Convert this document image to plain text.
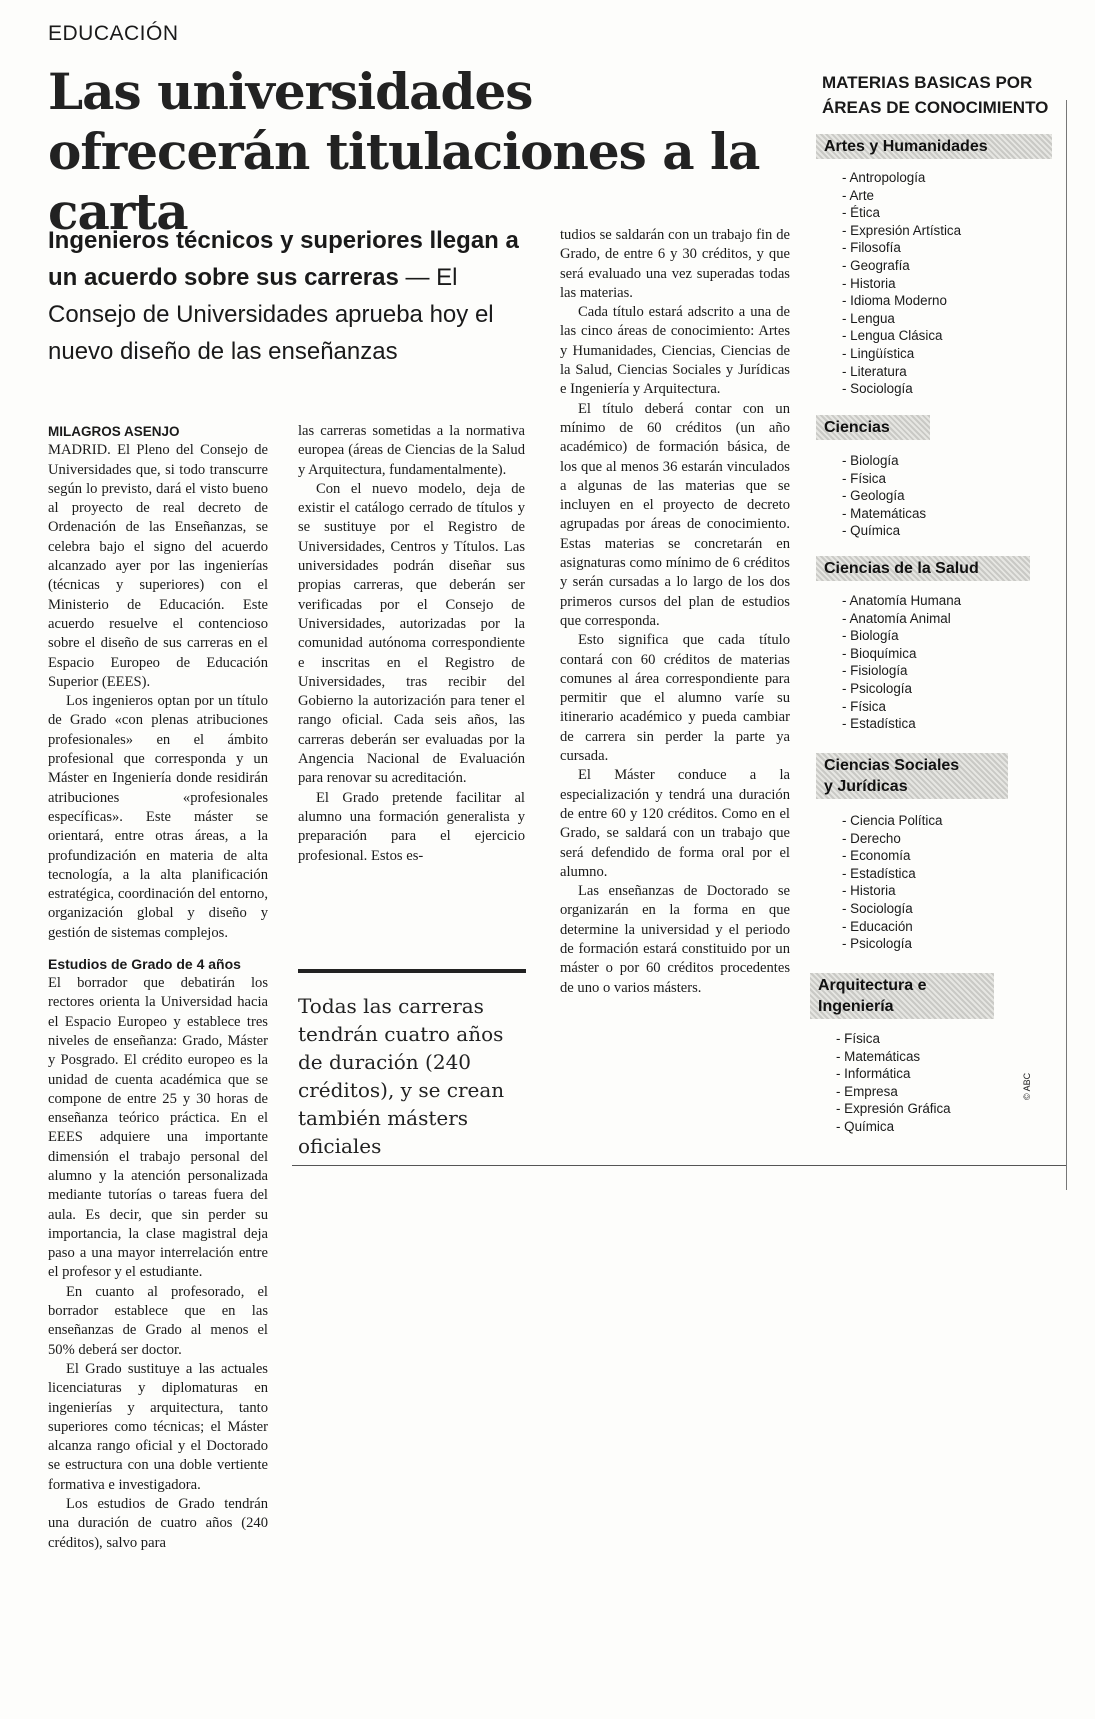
EDUCACIÓN
Las universidades ofrecerán titulaciones a la carta
Ingenieros técnicos y superiores llegan a un acuerdo sobre sus carreras — El Consejo de Universidades aprueba hoy el nuevo diseño de las enseñanzas
MILAGROS ASENJO

MADRID. El Pleno del Consejo de Universidades que, si todo transcurre según lo previsto, dará el visto bueno al proyecto de real decreto de Ordenación de las Enseñanzas, se celebra bajo el signo del acuerdo alcanzado ayer por las ingenierías (técnicas y superiores) con el Ministerio de Educación. Este acuerdo resuelve el contencioso sobre el diseño de sus carreras en el Espacio Europeo de Educación Superior (EEES).

Los ingenieros optan por un título de Grado «con plenas atribuciones profesionales» en el ámbito profesional que corresponda y un Máster en Ingeniería donde residirán atribuciones «profesionales específicas». Este máster se orientará, entre otras áreas, a la profundización en materia de alta tecnología, a la alta planificación estratégica, coordinación del entorno, organización global y diseño y gestión de sistemas complejos.

Estudios de Grado de 4 años

El borrador que debatirán los rectores orienta la Universidad hacia el Espacio Europeo y establece tres niveles de enseñanza: Grado, Máster y Posgrado. El crédito europeo es la unidad de cuenta académica que se compone de entre 25 y 30 horas de enseñanza teórico práctica. En el EEES adquiere una importante dimensión el trabajo personal del alumno y la atención personalizada mediante tutorías o tareas fuera del aula. Es decir, que sin perder su importancia, la clase magistral deja paso a una mayor interrelación entre el profesor y el estudiante.

En cuanto al profesorado, el borrador establece que en las enseñanzas de Grado al menos el 50% deberá ser doctor.

El Grado sustituye a las actuales licenciaturas y diplomaturas en ingenierías y arquitectura, tanto superiores como técnicas; el Máster alcanza rango oficial y el Doctorado se estructura con una doble vertiente formativa e investigadora.

Los estudios de Grado tendrán una duración de cuatro años (240 créditos), salvo para

las carreras sometidas a la normativa europea (áreas de Ciencias de la Salud y Arquitectura, fundamentalmente).

Con el nuevo modelo, deja de existir el catálogo cerrado de títulos y se sustituye por el Registro de Universidades, Centros y Títulos. Las universidades podrán diseñar sus propias carreras, que deberán ser verificadas por el Consejo de Universidades, autorizadas por la comunidad autónoma correspondiente e inscritas en el Registro de Universidades, tras recibir del Gobierno la autorización para tener el rango oficial. Cada seis años, las carreras deberán ser evaluadas por la Angencia Nacional de Evaluación para renovar su acreditación.

El Grado pretende facilitar al alumno una formación generalista y preparación para el ejercicio profesional. Estos es-

Todas las carreras tendrán cuatro años de duración (240 créditos), y se crean también másters oficiales

tudios se saldarán con un trabajo fin de Grado, de entre 6 y 30 créditos, y que será evaluado una vez superadas todas las materias.

Cada título estará adscrito a una de las cinco áreas de conocimiento: Artes y Humanidades, Ciencias, Ciencias de la Salud, Ciencias Sociales y Jurídicas e Ingeniería y Arquitectura.

El título deberá contar con un mínimo de 60 créditos (un año académico) de formación básica, de los que al menos 36 estarán vinculados a algunas de las materias que se incluyen en el proyecto de decreto agrupadas por áreas de conocimiento. Estas materias se concretarán en asignaturas como mínimo de 6 créditos y serán cursadas a lo largo de los dos primeros cursos del plan de estudios que corresponda.

Esto significa que cada título contará con 60 créditos de materias comunes al área correspondiente para permitir que el alumno varíe su itinerario académico y pueda cambiar de carrera sin perder la parte ya cursada.

El Máster conduce a la especialización y tendrá una duración de entre 60 y 120 créditos. Como en el Grado, se saldará con un trabajo que será defendido de forma oral por el alumno.

Las enseñanzas de Doctorado se organizarán en la forma en que determine la universidad y el periodo de formación estará constituido por un máster o por 60 créditos procedentes de uno o varios másters.

MATERIAS BASICAS POR
ÁREAS DE CONOCIMIENTO
Artes y Humanidades
- Antropología
- Arte
- Ética
- Expresión Artística
- Filosofía
- Geografía
- Historia
- Idioma Moderno
- Lengua
- Lengua Clásica
- Lingüística
- Literatura
- Sociología
Ciencias
- Biología
- Física
- Geología
- Matemáticas
- Química
Ciencias de la Salud
- Anatomía Humana
- Anatomía Animal
- Biología
- Bioquímica
- Fisiología
- Psicología
- Física
- Estadística
Ciencias Sociales
y Jurídicas
- Ciencia Política
- Derecho
- Economía
- Estadística
- Historia
- Sociología
- Educación
- Psicología
Arquitectura e
Ingeniería
- Física
- Matemáticas
- Informática
- Empresa
- Expresión Gráfica
- Química
© ABC
